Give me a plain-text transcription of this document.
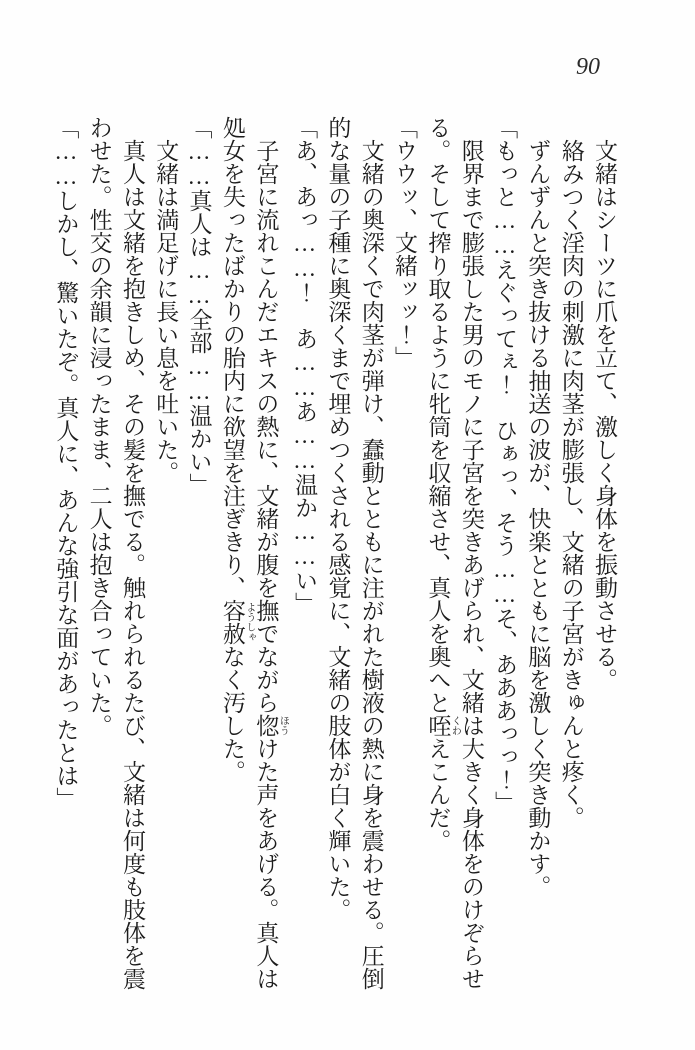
90

文緒はシーツに爪を立て、激しく身体を振動させる。

絡みつく淫肉の刺激に肉茎が膨張し、文緒の子宮がきゅんと疼く。

ずんずんと突き抜ける抽送の波が、快楽とともに脳を激しく突き動かす。

「もっと……えぐってぇ！　ひぁっ、そう……そ、あああっっ！」

限界まで膨張した男のモノに子宮を突きあげられ、文緒は大きく身体をのけぞらせる。そして搾り取るように牝筒を収縮させ、真人を奥へと咥 くわえこんだ。

「ウウッ、文緒ッッ！」

文緒の奥深くで肉茎が弾け、蠢動とともに注がれた樹液の熱に身を震わせる。圧倒的な量の子種に奥深くまで埋めつくされる感覚に、文緒の肢体が白く輝いた。

「あ、あっ……！　あ……あ……温か……い」

子宮に流れこんだエキスの熱に、文緒が腹を撫でながら惚 ほうけた声をあげる。真人は処女を失ったばかりの胎内に欲望を注ぎきり、容赦 ようしゃなく汚した。

「……真人は……全部……温かい」

文緒は満足げに長い息を吐いた。

真人は文緒を抱きしめ、その髪を撫でる。触れられるたび、文緒は何度も肢体を震わせた。性交の余韻に浸ったまま、二人は抱き合っていた。

「……しかし、驚いたぞ。真人に、あんな強引な面があったとは」
